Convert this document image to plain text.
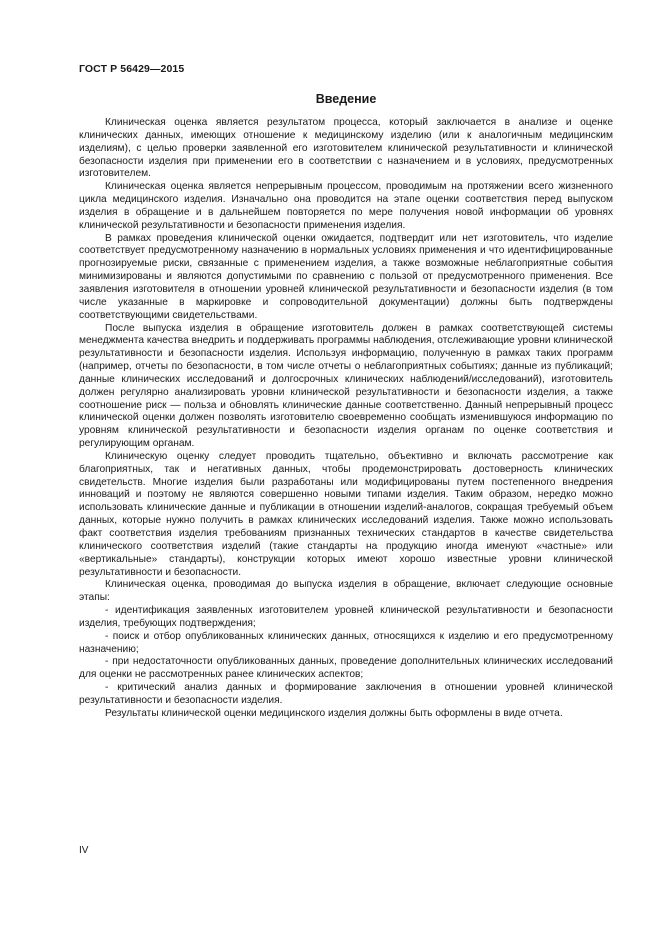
ГОСТ Р 56429—2015
Введение

Клиническая оценка является результатом процесса, который заключается в анализе и оценке клинических данных, имеющих отношение к медицинскому изделию (или к аналогичным медицинским изделиям), с целью проверки заявленной его изготовителем клинической результативности и клинической безопасности изделия при применении его в соответствии с назначением и в условиях, предусмотренных изготовителем.

Клиническая оценка является непрерывным процессом, проводимым на протяжении всего жизненного цикла медицинского изделия. Изначально она проводится на этапе оценки соответствия перед выпуском изделия в обращение и в дальнейшем повторяется по мере получения новой информации об уровнях клинической результативности и безопасности применения изделия.

В рамках проведения клинической оценки ожидается, подтвердит или нет изготовитель, что изделие соответствует предусмотренному назначению в нормальных условиях применения и что идентифицированные прогнозируемые риски, связанные с применением изделия, а также возможные неблагоприятные события минимизированы и являются допустимыми по сравнению с пользой от предусмотренного применения. Все заявления изготовителя в отношении уровней клинической результативности и безопасности изделия (в том числе указанные в маркировке и сопроводительной документации) должны быть подтверждены соответствующими свидетельствами.

После выпуска изделия в обращение изготовитель должен в рамках соответствующей системы менеджмента качества внедрить и поддерживать программы наблюдения, отслеживающие уровни клинической результативности и безопасности изделия. Используя информацию, полученную в рамках таких программ (например, отчеты по безопасности, в том числе отчеты о неблагоприятных событиях; данные из публикаций; данные клинических исследований и долгосрочных клинических наблюдений/исследований), изготовитель должен регулярно анализировать уровни клинической результативности и безопасности изделия, а также соотношение риск — польза и обновлять клинические данные соответственно. Данный непрерывный процесс клинической оценки должен позволять изготовителю своевременно сообщать изменившуюся информацию по уровням клинической результативности и безопасности изделия органам по оценке соответствия и регулирующим органам.

Клиническую оценку следует проводить тщательно, объективно и включать рассмотрение как благоприятных, так и негативных данных, чтобы продемонстрировать достоверность клинических свидетельств. Многие изделия были разработаны или модифицированы путем постепенного внедрения инноваций и поэтому не являются совершенно новыми типами изделия. Таким образом, нередко можно использовать клинические данные и публикации в отношении изделий-аналогов, сокращая требуемый объем данных, которые нужно получить в рамках клинических исследований изделия. Также можно использовать факт соответствия изделия требованиям признанных технических стандартов в качестве свидетельства клинического соответствия изделий (такие стандарты на продукцию иногда именуют «частные» или «вертикальные» стандарты), конструкции которых имеют хорошо известные уровни клинической результативности и безопасности.

Клиническая оценка, проводимая до выпуска изделия в обращение, включает следующие основные этапы:

- идентификация заявленных изготовителем уровней клинической результативности и безопасности изделия, требующих подтверждения;

- поиск и отбор опубликованных клинических данных, относящихся к изделию и его предусмотренному назначению;

- при недостаточности опубликованных данных, проведение дополнительных клинических исследований для оценки не рассмотренных ранее клинических аспектов;

- критический анализ данных и формирование заключения в отношении уровней клинической результативности и безопасности изделия.

Результаты клинической оценки медицинского изделия должны быть оформлены в виде отчета.

IV
